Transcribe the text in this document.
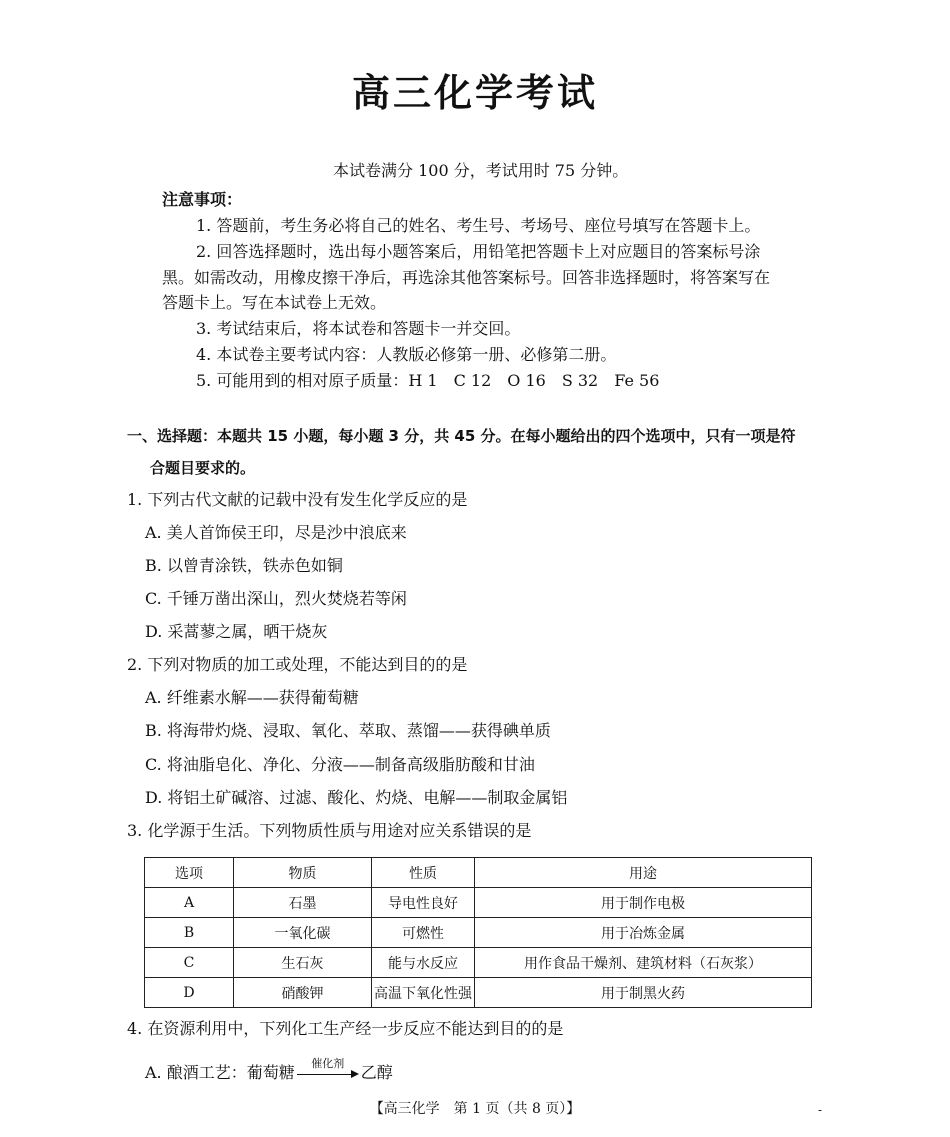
高三化学考试
本试卷满分 100 分，考试用时 75 分钟。
注意事项：
1. 答题前，考生务必将自己的姓名、考生号、考场号、座位号填写在答题卡上。
2. 回答选择题时，选出每小题答案后，用铅笔把答题卡上对应题目的答案标号涂
黑。如需改动，用橡皮擦干净后，再选涂其他答案标号。回答非选择题时，将答案写在
答题卡上。写在本试卷上无效。
3. 考试结束后，将本试卷和答题卡一并交回。
4. 本试卷主要考试内容：人教版必修第一册、必修第二册。
5. 可能用到的相对原子质量：H 1　C 12　O 16　S 32　Fe 56
一、选择题：本题共 15 小题，每小题 3 分，共 45 分。在每小题给出的四个选项中，只有一项是符
合题目要求的。
1. 下列古代文献的记载中没有发生化学反应的是
A. 美人首饰侯王印，尽是沙中浪底来
B. 以曾青涂铁，铁赤色如铜
C. 千锤万凿出深山，烈火焚烧若等闲
D. 采蒿蓼之属，晒干烧灰
2. 下列对物质的加工或处理，不能达到目的的是
A. 纤维素水解——获得葡萄糖
B. 将海带灼烧、浸取、氧化、萃取、蒸馏——获得碘单质
C. 将油脂皂化、净化、分液——制备高级脂肪酸和甘油
D. 将铝土矿碱溶、过滤、酸化、灼烧、电解——制取金属铝
3. 化学源于生活。下列物质性质与用途对应关系错误的是
选项	物质	性质	用途
A	石墨	导电性良好	用于制作电极
B	一氧化碳	可燃性	用于冶炼金属
C	生石灰	能与水反应	用作食品干燥剂、建筑材料（石灰浆）
D	硝酸钾	高温下氧化性强	用于制黑火药
4. 在资源利用中，下列化工生产经一步反应不能达到目的的是
A. 酿酒工艺：葡萄糖	催化剂	乙醇
【高三化学　第 1 页（共 8 页）】	-
